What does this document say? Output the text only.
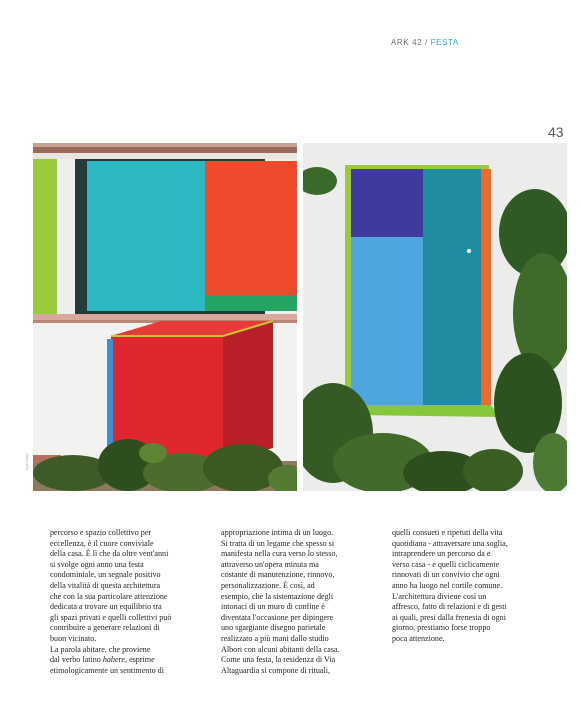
ARK 42 / FESTA
43
Studio Albori
percorso e spazio collettivo per
eccellenza, è il cuore conviviale
della casa. È lì che da oltre vent'anni
si svolge ogni anno una festa
condominiale, un segnale positivo
della vitalità di questa architettura
che con la sua particolare attenzione
dedicata a trovare un equilibrio tra
gli spazi privati e quelli collettivi può
contribuire a generare relazioni di
buon vicinato.
La parola abitare, che proviene
dal verbo latino habere, esprime
etimologicamente un sentimento di
appropriazione intima di un luogo.
Si tratta di un legame che spesso si
manifesta nella cura verso lo stesso,
attraverso un'opera minuta ma
costante di manutenzione, rinnovo,
personalizzazione. È così, ad
esempio, che la sistemazione degli
intonaci di un muro di confine è
diventata l'occasione per dipingere
uno sgargiante disegno parietale
realizzato a più mani dallo studio
Albori con alcuni abitanti della casa.
Come una festa, la residenza di Via
Altaguardia si compone di rituali,
quelli consueti e ripetuti della vita
quotidiana - attraversare una soglia,
intraprendere un percorso da e
verso casa - e quelli ciclicamente
rinnovati di un convivio che ogni
anno ha luogo nel cortile comune.
L'architettura diviene così un
affresco, fatto di relazioni e di gesti
ai quali, presi dalla frenesia di ogni
giorno, prestiamo forse troppo
poca attenzione.
